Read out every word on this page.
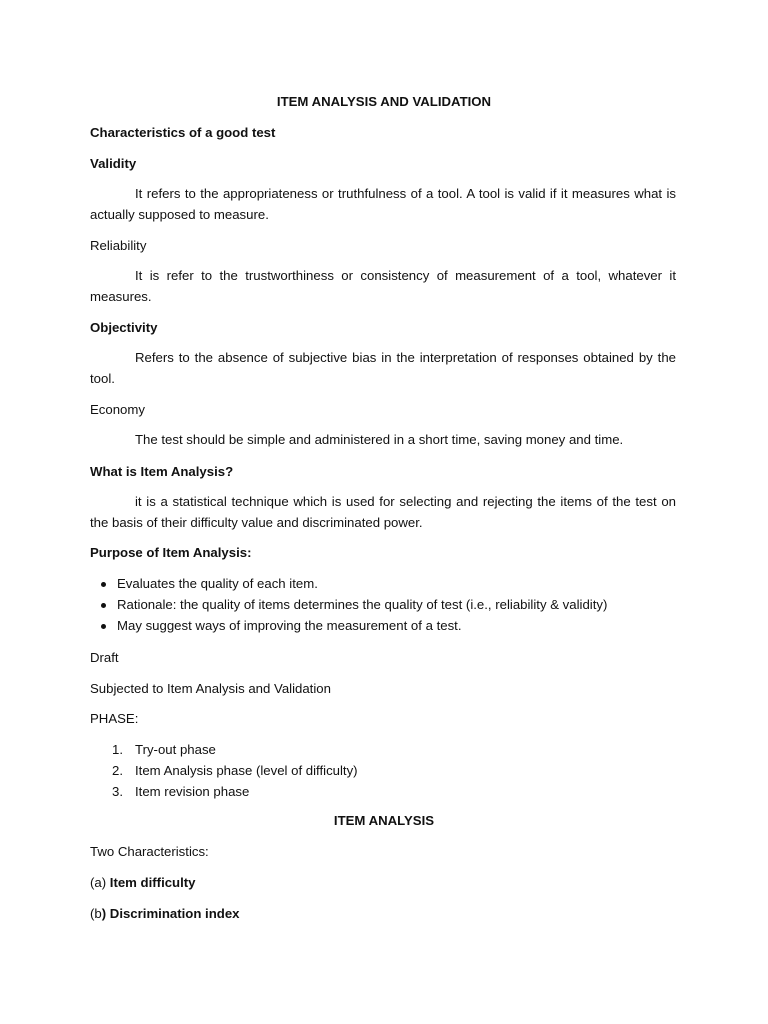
ITEM ANALYSIS AND VALIDATION

Characteristics of a good test

Validity

It refers to the appropriateness or truthfulness of a tool. A tool is valid if it measures what is actually supposed to measure.

Reliability

It is refer to the trustworthiness or consistency of measurement of a tool, whatever it measures.

Objectivity

Refers to the absence of subjective bias in the interpretation of responses obtained by the tool.

Economy

The test should be simple and administered in a short time, saving money and time.

What is Item Analysis?

it is a statistical technique which is used for selecting and rejecting the items of the test on the basis of their difficulty value and discriminated power.

Purpose of Item Analysis:

Evaluates the quality of each item.
Rationale: the quality of items determines the quality of test (i.e., reliability & validity)
May suggest ways of improving the measurement of a test.

Draft

Subjected to Item Analysis and Validation

PHASE:

1. Try-out phase
2. Item Analysis phase (level of difficulty)
3. Item revision phase

ITEM ANALYSIS

Two Characteristics:

(a) Item difficulty

(b) Discrimination index
